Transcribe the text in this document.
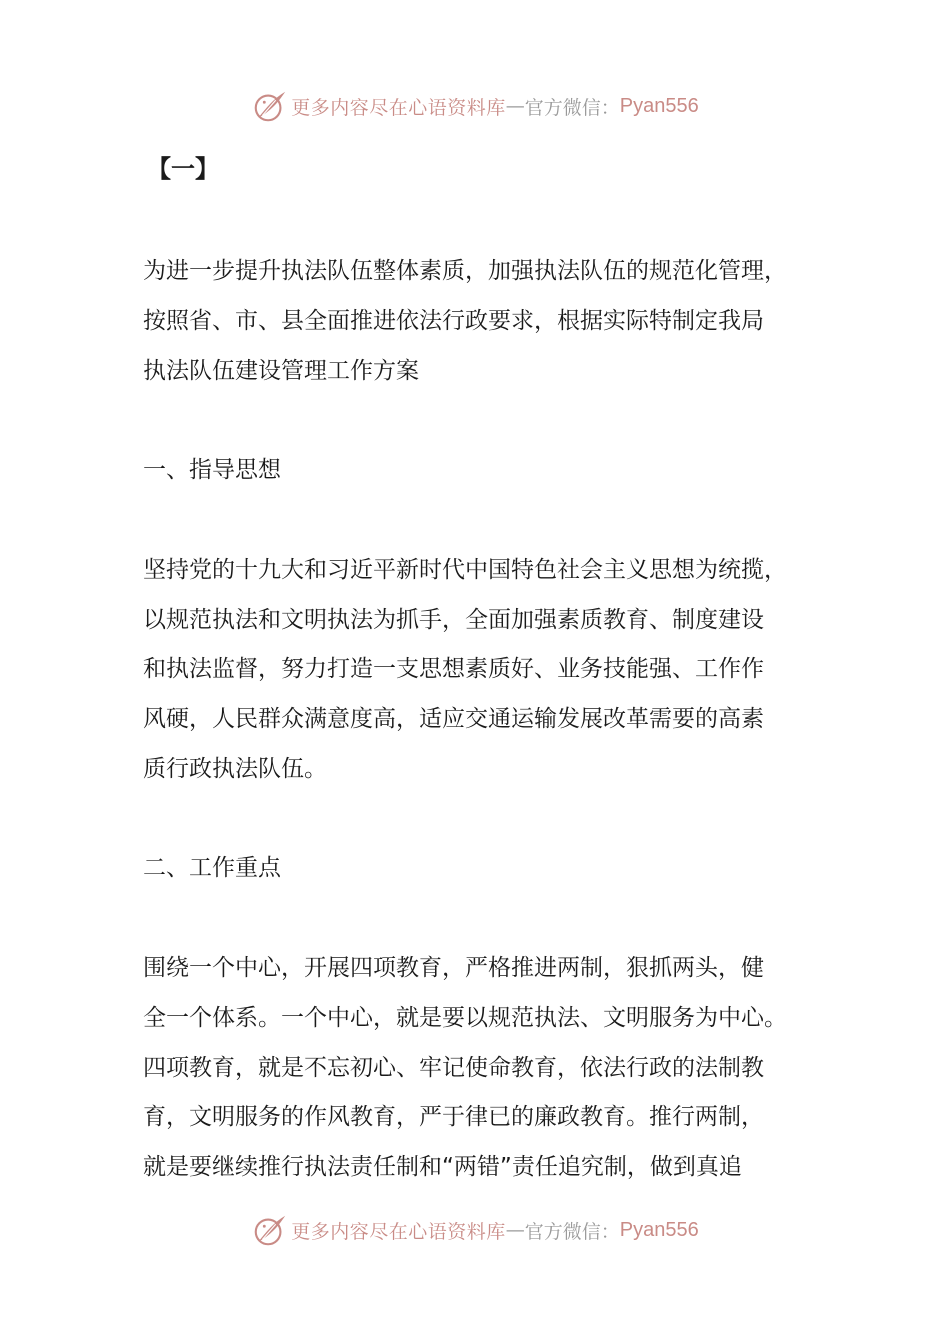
更多内容尽在心语资料库 — 官方微信： Pyan556
【一】
为进一步提升执法队伍整体素质，加强执法队伍的规范化管理，
按照省、市、县全面推进依法行政要求，根据实际特制定我局
执法队伍建设管理工作方案
一、指导思想
坚持党的十九大和习近平新时代中国特色社会主义思想为统揽，
以规范执法和文明执法为抓手，全面加强素质教育、制度建设
和执法监督，努力打造一支思想素质好、业务技能强、工作作
风硬，人民群众满意度高，适应交通运输发展改革需要的高素
质行政执法队伍。
二、工作重点
围绕一个中心，开展四项教育，严格推进两制，狠抓两头，健
全一个体系。一个中心，就是要以规范执法、文明服务为中心。
四项教育，就是不忘初心、牢记使命教育，依法行政的法制教
育，文明服务的作风教育，严于律已的廉政教育。推行两制，
就是要继续推行执法责任制和“两错”责任追究制，做到真追
更多内容尽在心语资料库 — 官方微信： Pyan556
